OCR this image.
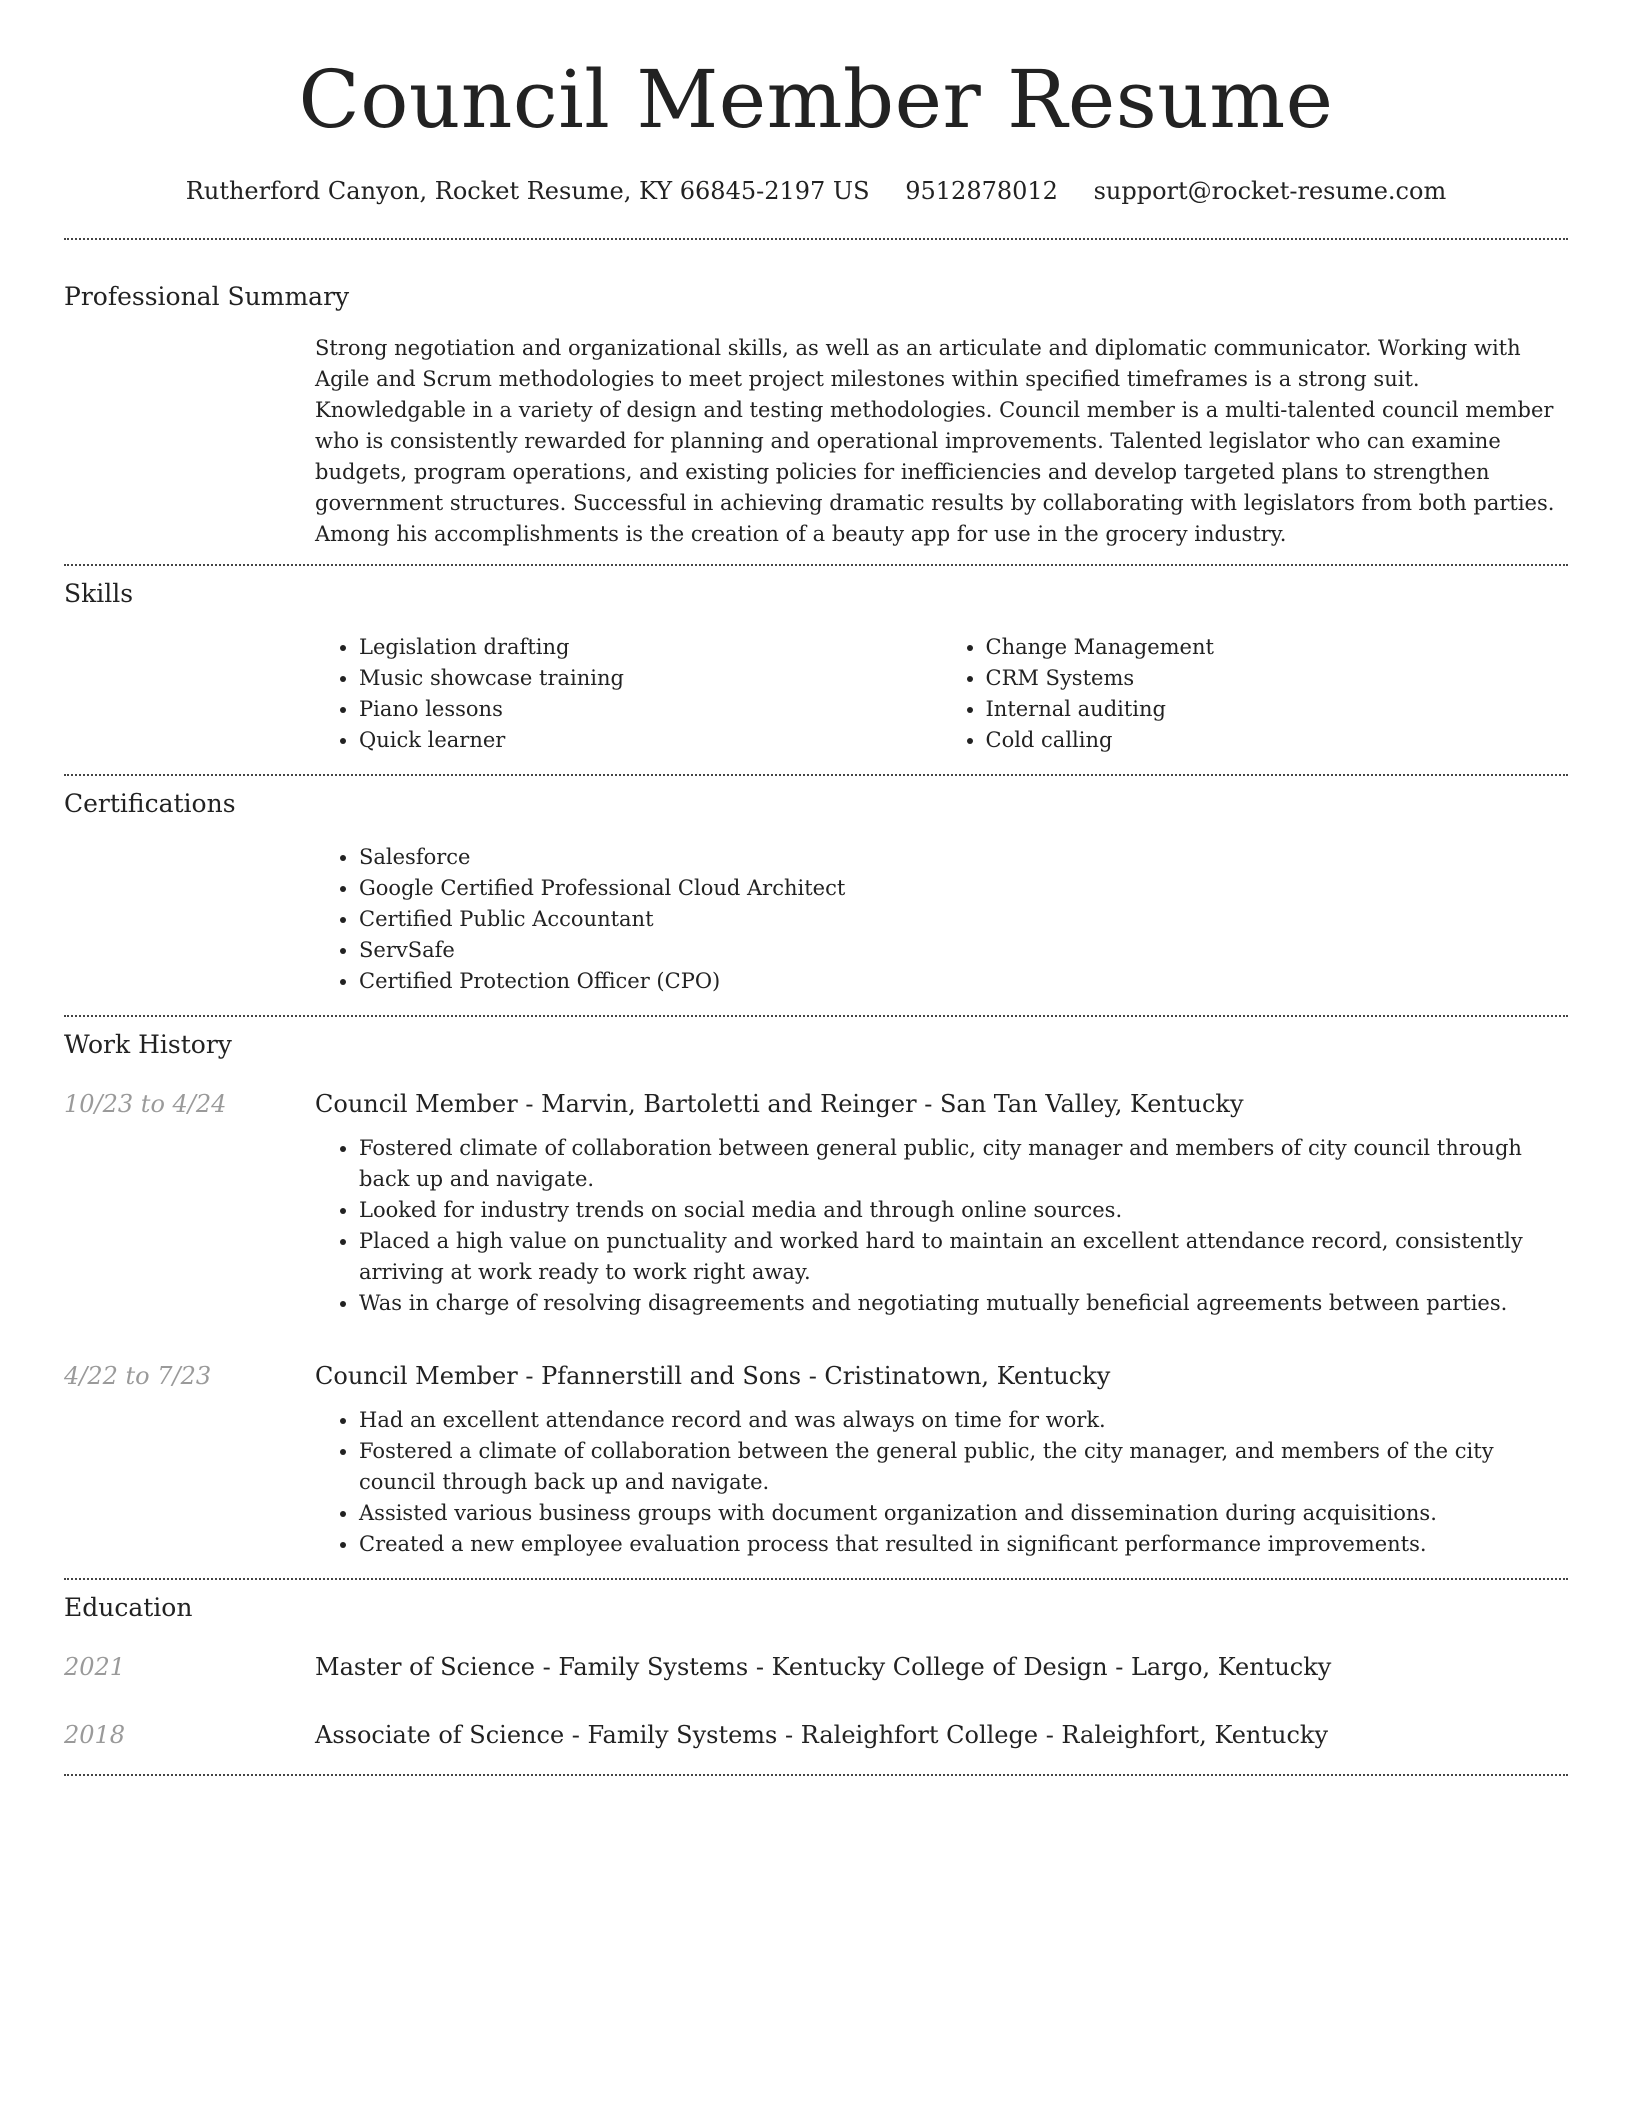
Council Member Resume
Rutherford Canyon, Rocket Resume, KY 66845-2197 US 9512878012 support@rocket-resume.com
Professional Summary

Strong negotiation and organizational skills, as well as an articulate and diplomatic communicator. Working with Agile and Scrum methodologies to meet project milestones within specified timeframes is a strong suit. Knowledgable in a variety of design and testing methodologies. Council member is a multi-talented council member who is consistently rewarded for planning and operational improvements. Talented legislator who can examine budgets, program operations, and existing policies for inefficiencies and develop targeted plans to strengthen government structures. Successful in achieving dramatic results by collaborating with legislators from both parties. Among his accomplishments is the creation of a beauty app for use in the grocery industry.

Skills
• Legislation drafting
• Music showcase training
• Piano lessons
• Quick learner
• Change Management
• CRM Systems
• Internal auditing
• Cold calling
Certifications
• Salesforce
• Google Certified Professional Cloud Architect
• Certified Public Accountant
• ServSafe
• Certified Protection Officer (CPO)
Work History
10/23 to 4/24	Council Member - Marvin, Bartoletti and Reinger - San Tan Valley, Kentucky
• Fostered climate of collaboration between general public, city manager and members of city council through back up and navigate.
• Looked for industry trends on social media and through online sources.
• Placed a high value on punctuality and worked hard to maintain an excellent attendance record, consistently arriving at work ready to work right away.
• Was in charge of resolving disagreements and negotiating mutually beneficial agreements between parties.
4/22 to 7/23	Council Member - Pfannerstill and Sons - Cristinatown, Kentucky
• Had an excellent attendance record and was always on time for work.
• Fostered a climate of collaboration between the general public, the city manager, and members of the city council through back up and navigate.
• Assisted various business groups with document organization and dissemination during acquisitions.
• Created a new employee evaluation process that resulted in significant performance improvements.
Education
2021	Master of Science - Family Systems - Kentucky College of Design - Largo, Kentucky
2018	Associate of Science - Family Systems - Raleighfort College - Raleighfort, Kentucky
